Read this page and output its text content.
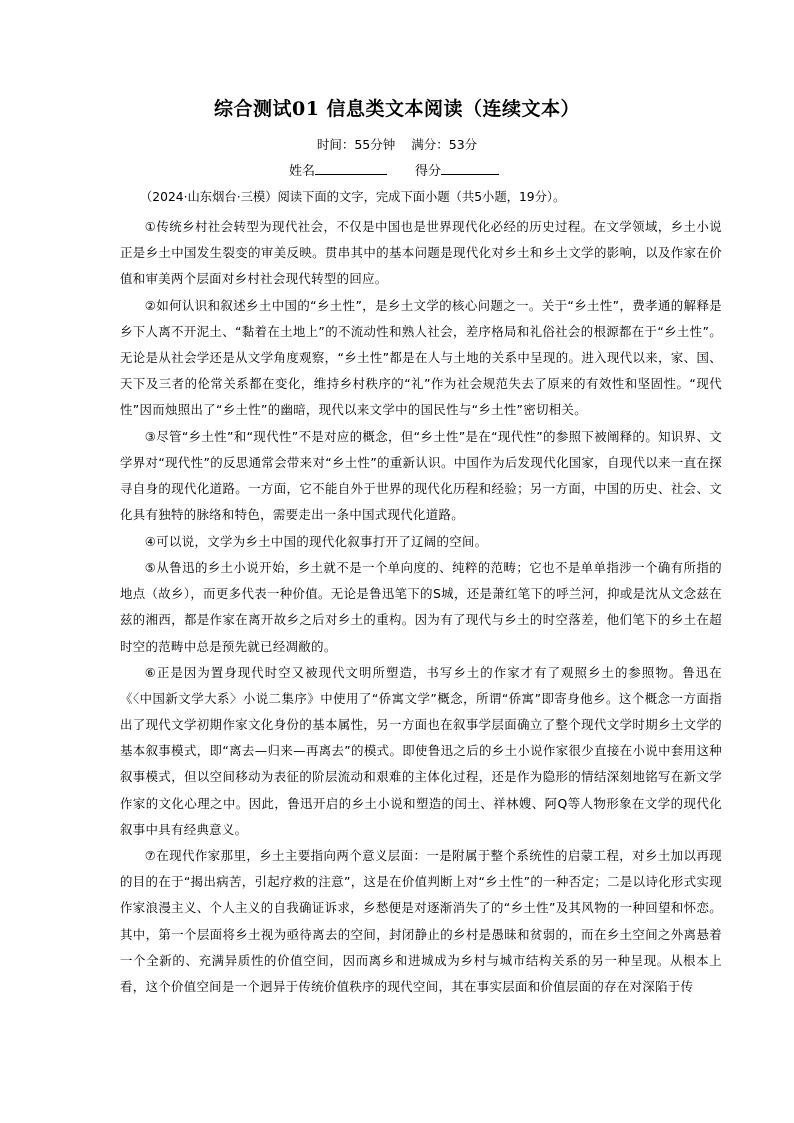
综合测试01 信息类文本阅读（连续文本）
时间：55分钟 满分：53分
姓名	得分
（2024·山东烟台·三模）阅读下面的文字，完成下面小题（共5小题，19分）。

①传统乡村社会转型为现代社会，不仅是中国也是世界现代化必经的历史过程。在文学领域，乡土小说正是乡土中国发生裂变的审美反映。贯串其中的基本问题是现代化对乡土和乡土文学的影响，以及作家在价值和审美两个层面对乡村社会现代转型的回应。

②如何认识和叙述乡土中国的“乡土性”，是乡土文学的核心问题之一。关于“乡土性”，费孝通的解释是乡下人离不开泥土、“黏着在土地上”的不流动性和熟人社会，差序格局和礼俗社会的根源都在于“乡土性”。无论是从社会学还是从文学角度观察，“乡土性”都是在人与土地的关系中呈现的。进入现代以来，家、国、天下及三者的伦常关系都在变化，维持乡村秩序的“礼”作为社会规范失去了原来的有效性和坚固性。“现代性”因而烛照出了“乡土性”的幽暗，现代以来文学中的国民性与“乡土性”密切相关。

③尽管“乡土性”和“现代性”不是对应的概念，但“乡土性”是在“现代性”的参照下被阐释的。知识界、文学界对“现代性”的反思通常会带来对“乡土性”的重新认识。中国作为后发现代化国家，自现代以来一直在探寻自身的现代化道路。一方面，它不能自外于世界的现代化历程和经验；另一方面，中国的历史、社会、文化具有独特的脉络和特色，需要走出一条中国式现代化道路。

④可以说，文学为乡土中国的现代化叙事打开了辽阔的空间。

⑤从鲁迅的乡土小说开始，乡土就不是一个单向度的、纯粹的范畴；它也不是单单指涉一个确有所指的地点（故乡），而更多代表一种价值。无论是鲁迅笔下的S城，还是萧红笔下的呼兰河，抑或是沈从文念兹在兹的湘西，都是作家在离开故乡之后对乡土的重构。因为有了现代与乡土的时空落差，他们笔下的乡土在超时空的范畴中总是预先就已经凋敝的。

⑥正是因为置身现代时空又被现代文明所塑造，书写乡土的作家才有了观照乡土的参照物。鲁迅在《〈中国新文学大系〉小说二集序》中使用了“侨寓文学”概念，所谓“侨寓”即寄身他乡。这个概念一方面指出了现代文学初期作家文化身份的基本属性，另一方面也在叙事学层面确立了整个现代文学时期乡土文学的基本叙事模式，即“离去—归来—再离去”的模式。即使鲁迅之后的乡土小说作家很少直接在小说中套用这种叙事模式，但以空间移动为表征的阶层流动和艰难的主体化过程，还是作为隐形的情结深刻地铭写在新文学作家的文化心理之中。因此，鲁迅开启的乡土小说和塑造的闰土、祥林嫂、阿Q等人物形象在文学的现代化叙事中具有经典意义。

⑦在现代作家那里，乡土主要指向两个意义层面：一是附属于整个系统性的启蒙工程，对乡土加以再现的目的在于“揭出病苦，引起疗救的注意”，这是在价值判断上对“乡土性”的一种否定；二是以诗化形式实现作家浪漫主义、个人主义的自我确证诉求，乡愁便是对逐渐消失了的“乡土性”及其风物的一种回望和怀恋。其中，第一个层面将乡土视为亟待离去的空间，封闭静止的乡村是愚昧和贫弱的，而在乡土空间之外离悬着一个全新的、充满异质性的价值空间，因而离乡和进城成为乡村与城市结构关系的另一种呈现。从根本上看，这个价值空间是一个迥异于传统价值秩序的现代空间，其在事实层面和价值层面的存在对深陷于传
